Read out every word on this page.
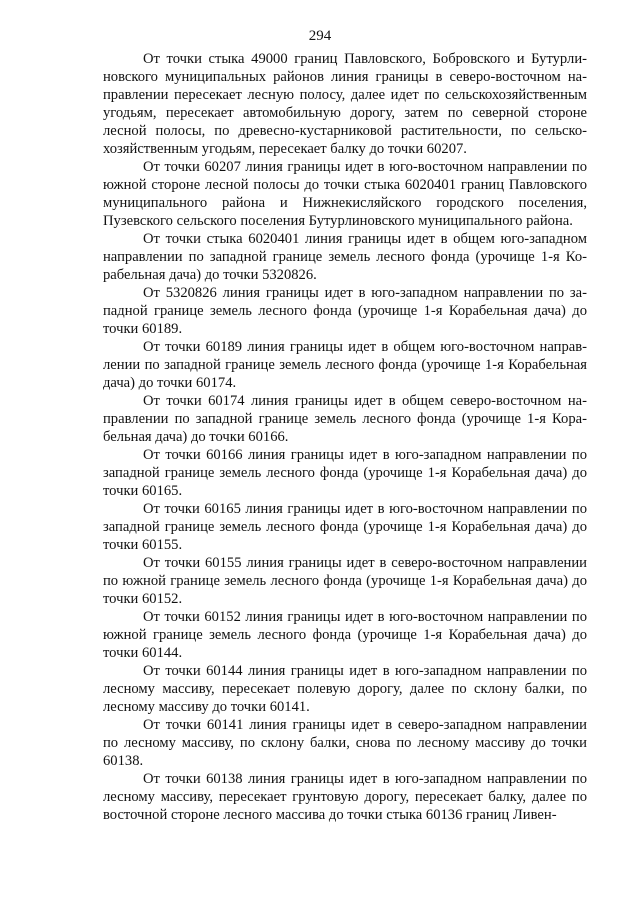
294

От точки стыка 49000 границ Павловского, Бобровского и Бутурлиновского муниципальных районов линия границы в северо-восточном направлении пересекает лесную полосу, далее идет по сельскохозяйственным угодьям, пересекает автомобильную дорогу, затем по северной стороне лесной полосы, по древесно-кустарниковой растительности, по сельскохозяйственным угодьям, пересекает балку до точки 60207.

От точки 60207 линия границы идет в юго-восточном направлении по южной стороне лесной полосы до точки стыка 6020401 границ Павловского муниципального района и Нижнекисляйского городского поселения, Пузевского сельского поселения Бутурлиновского муниципального района.

От точки стыка 6020401 линия границы идет в общем юго-западном направлении по западной границе земель лесного фонда (урочище 1-я Корабельная дача) до точки 5320826.

От 5320826 линия границы идет в юго-западном направлении по западной границе земель лесного фонда (урочище 1-я Корабельная дача) до точки 60189.

От точки 60189 линия границы идет в общем юго-восточном направлении по западной границе земель лесного фонда (урочище 1-я Корабельная дача) до точки 60174.

От точки 60174 линия границы идет в общем северо-восточном направлении по западной границе земель лесного фонда (урочище 1-я Корабельная дача) до точки 60166.

От точки 60166 линия границы идет в юго-западном направлении по западной границе земель лесного фонда (урочище 1-я Корабельная дача) до точки 60165.

От точки 60165 линия границы идет в юго-восточном направлении по западной границе земель лесного фонда (урочище 1-я Корабельная дача) до точки 60155.

От точки 60155 линия границы идет в северо-восточном направлении по южной границе земель лесного фонда (урочище 1-я Корабельная дача) до точки 60152.

От точки 60152 линия границы идет в юго-восточном направлении по южной границе земель лесного фонда (урочище 1-я Корабельная дача) до точки 60144.

От точки 60144 линия границы идет в юго-западном направлении по лесному массиву, пересекает полевую дорогу, далее по склону балки, по лесному массиву до точки 60141.

От точки 60141 линия границы идет в северо-западном направлении по лесному массиву, по склону балки, снова по лесному массиву до точки 60138.

От точки 60138 линия границы идет в юго-западном направлении по лесному массиву, пересекает грунтовую дорогу, пересекает балку, далее по восточной стороне лесного массива до точки стыка 60136 границ Ливен-
